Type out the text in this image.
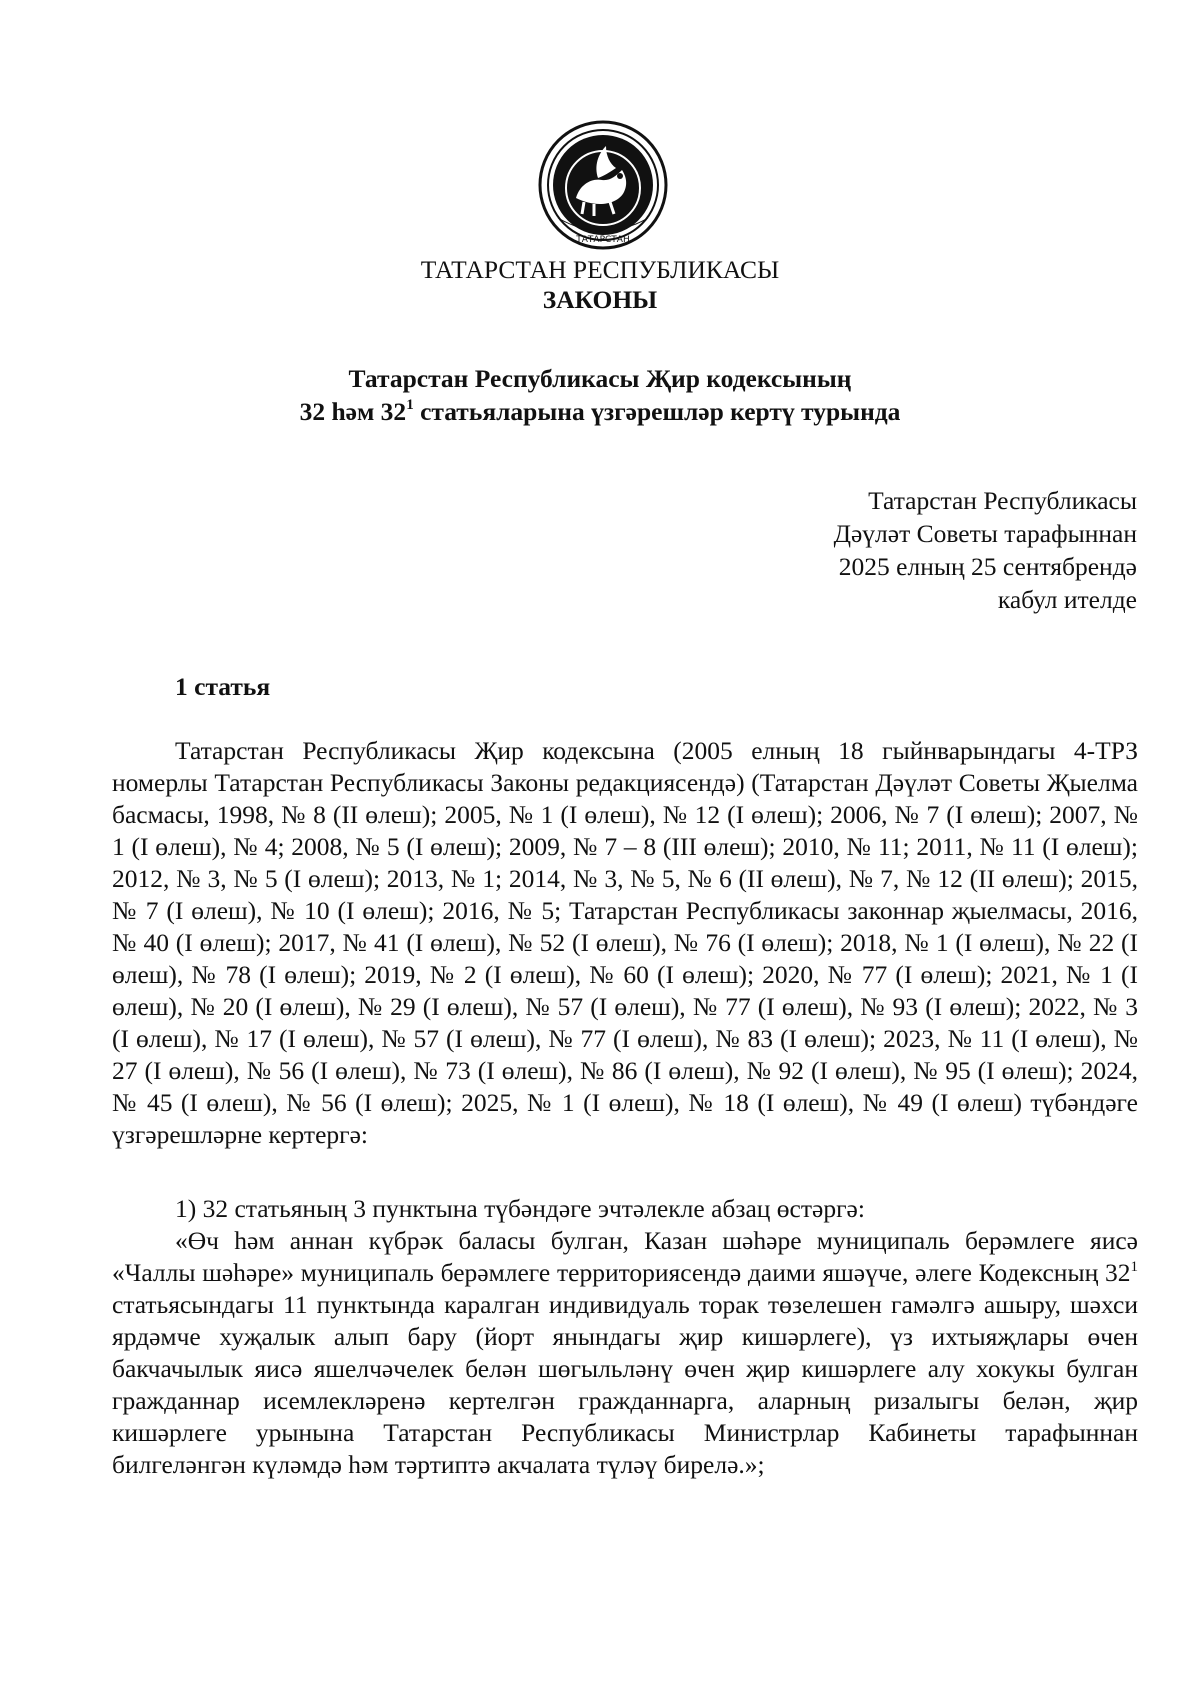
ТАТАРСТАН
ТАТАРСТАН РЕСПУБЛИКАСЫ
ЗАКОНЫ
Татарстан Республикасы Җир кодексының
32 һәм $32^1$ статьяларына үзгәрешләр кертү турында
Татарстан Республикасы
Дәүләт Советы тарафыннан
2025 елның 25 сентябрендә
кабул ителде
1 статья

Татарстан Республикасы Җир кодексына (2005 елның 18 гыйнварындагы 4-ТРЗ номерлы Татарстан Республикасы Законы редакциясендә) (Татарстан Дәүләт Советы Җыелма басмасы, 1998, № 8 (II өлеш); 2005, № 1 (I өлеш), № 12 (I өлеш); 2006, № 7 (I өлеш); 2007, № 1 (I өлеш), № 4; 2008, № 5 (I өлеш); 2009, № 7 – 8 (III өлеш); 2010, № 11; 2011, № 11 (I өлеш); 2012, № 3, № 5 (I өлеш); 2013, № 1; 2014, № 3, № 5, № 6 (II өлеш), № 7, № 12 (II өлеш); 2015, № 7 (I өлеш), № 10 (I өлеш); 2016, № 5; Татарстан Республикасы законнар җыелмасы, 2016, № 40 (I өлеш); 2017, № 41 (I өлеш), № 52 (I өлеш), № 76 (I өлеш); 2018, № 1 (I өлеш), № 22 (I өлеш), № 78 (I өлеш); 2019, № 2 (I өлеш), № 60 (I өлеш); 2020, № 77 (I өлеш); 2021, № 1 (I өлеш), № 20 (I өлеш), № 29 (I өлеш), № 57 (I өлеш), № 77 (I өлеш), № 93 (I өлеш); 2022, № 3 (I өлеш), № 17 (I өлеш), № 57 (I өлеш), № 77 (I өлеш), № 83 (I өлеш); 2023, № 11 (I өлеш), № 27 (I өлеш), № 56 (I өлеш), № 73 (I өлеш), № 86 (I өлеш), № 92 (I өлеш), № 95 (I өлеш); 2024, № 45 (I өлеш), № 56 (I өлеш); 2025, № 1 (I өлеш), № 18 (I өлеш), № 49 (I өлеш) түбәндәге үзгәрешләрне кертергә:

1) 32 статьяның 3 пунктына түбәндәге эчтәлекле абзац өстәргә:

«Өч һәм аннан күбрәк баласы булган, Казан шәһәре муниципаль берәмлеге яисә «Чаллы шәһәре» муниципаль берәмлеге территориясендә даими яшәүче, әлеге Кодексның $32^1$ статьясындагы 11 пунктында каралган индивидуаль торак төзелешен гамәлгә ашыру, шәхси ярдәмче хуҗалык алып бару (йорт янындагы җир кишәрлеге), үз ихтыяҗлары өчен бакчачылык яисә яшелчәчелек белән шөгыльләнү өчен җир кишәрлеге алу хокукы булган гражданнар исемлекләренә кертелгән гражданнарга, аларның ризалыгы белән, җир кишәрлеге урынына Татарстан Республикасы Министрлар Кабинеты тарафыннан билгеләнгән күләмдә һәм тәртиптә акчалата түләү бирелә.»;
